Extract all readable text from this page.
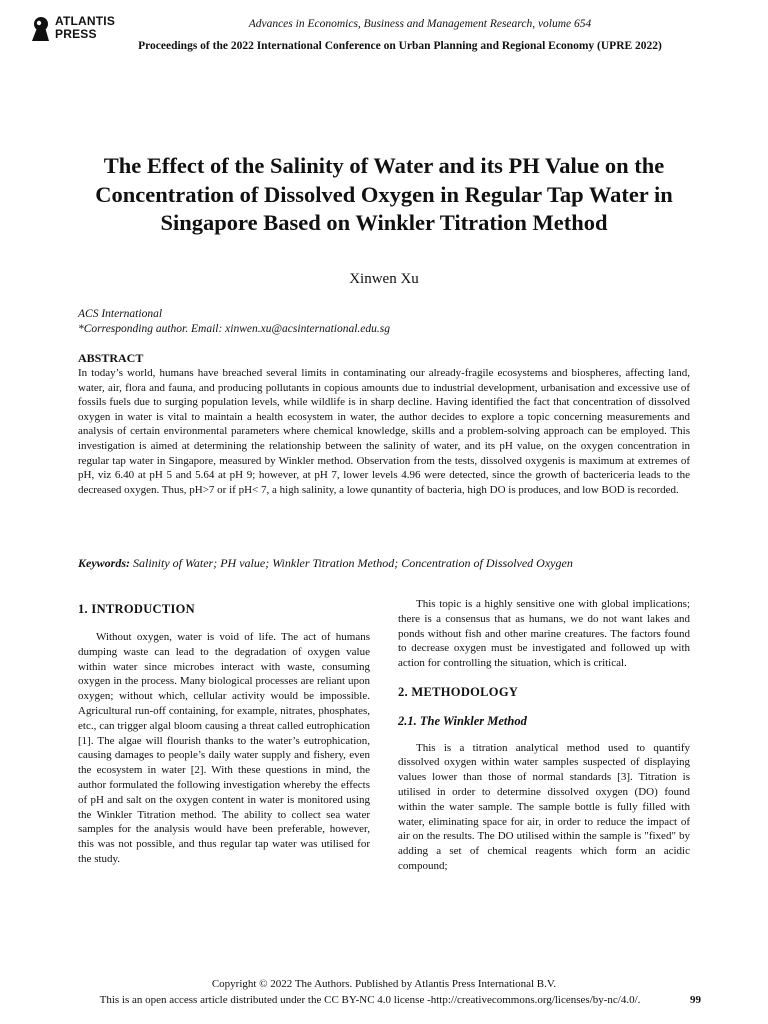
ATLANTIS
PRESS
Advances in Economics, Business and Management Research, volume 654
Proceedings of the 2022 International Conference on Urban Planning and Regional Economy (UPRE 2022)
The Effect of the Salinity of Water and its PH Value on the Concentration of Dissolved Oxygen in Regular Tap Water in Singapore Based on Winkler Titration Method
Xinwen Xu
ACS International
*Corresponding author. Email: xinwen.xu@acsinternational.edu.sg
ABSTRACT
In today’s world, humans have breached several limits in contaminating our already-fragile ecosystems and biospheres, affecting land, water, air, flora and fauna, and producing pollutants in copious amounts due to industrial development, urbanisation and excessive use of fossils fuels due to surging population levels, while wildlife is in sharp decline. Having identified the fact that concentration of dissolved oxygen in water is vital to maintain a health ecosystem in water, the author decides to explore a topic concerning measurements and analysis of certain environmental parameters where chemical knowledge, skills and a problem-solving approach can be employed. This investigation is aimed at determining the relationship between the salinity of water, and its pH value, on the oxygen concentration in regular tap water in Singapore, measured by Winkler method. Observation from the tests, dissolved oxygenis is maximum at extremes of pH, viz 6.40 at pH 5 and 5.64 at pH 9; however, at pH 7, lower levels 4.96 were detected, since the growth of bactericeria leads to the decreased oxygen. Thus, pH>7 or if pH< 7, a high salinity, a lowe qunantity of bacteria, high DO is produces, and low BOD is recorded.
Keywords: Salinity of Water; PH value; Winkler Titration Method; Concentration of Dissolved Oxygen
1. INTRODUCTION

Without oxygen, water is void of life. The act of humans dumping waste can lead to the degradation of oxygen value within water since microbes interact with waste, consuming oxygen in the process. Many biological processes are reliant upon oxygen; without which, cellular activity would be impossible. Agricultural run-off containing, for example, nitrates, phosphates, etc., can trigger algal bloom causing a threat called eutrophication [1]. The algae will flourish thanks to the water’s eutrophication, causing damages to people’s daily water supply and fishery, even the ecosystem in water [2]. With these questions in mind, the author formulated the following investigation whereby the effects of pH and salt on the oxygen content in water is monitored using the Winkler Titration method. The ability to collect sea water samples for the analysis would have been preferable, however, this was not possible, and thus regular tap water was utilised for the study.

This topic is a highly sensitive one with global implications; there is a consensus that as humans, we do not want lakes and ponds without fish and other marine creatures. The factors found to decrease oxygen must be investigated and followed up with action for controlling the situation, which is critical.

2. METHODOLOGY
2.1. The Winkler Method

This is a titration analytical method used to quantify dissolved oxygen within water samples suspected of displaying values lower than those of normal standards [3]. Titration is utilised in order to determine dissolved oxygen (DO) found within the water sample. The sample bottle is fully filled with water, eliminating space for air, in order to reduce the impact of air on the results. The DO utilised within the sample is "fixed" by adding a set of chemical reagents which form an acidic compound;

Copyright © 2022 The Authors. Published by Atlantis Press International B.V.
This is an open access article distributed under the CC BY-NC 4.0 license -http://creativecommons.org/licenses/by-nc/4.0/.	99
